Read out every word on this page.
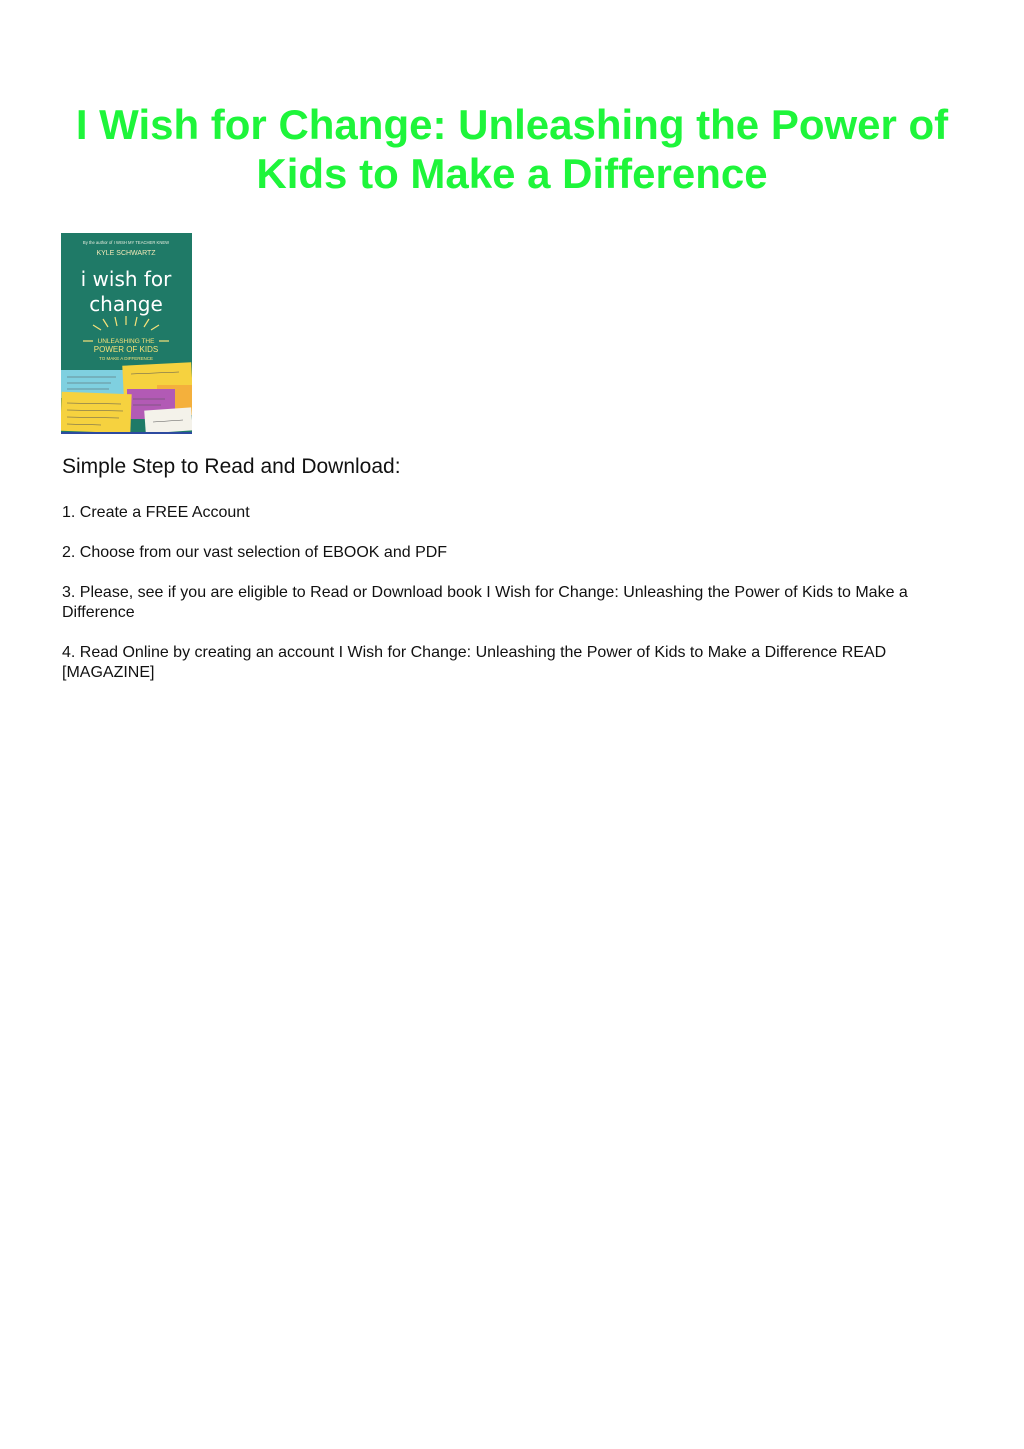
I Wish for Change: Unleashing the Power of Kids to Make a Difference
By the author of I WISH MY TEACHER KNEW
KYLE SCHWARTZ
i wish for
change
UNLEASHING THE
POWER OF KIDS
TO MAKE A DIFFERENCE
Simple Step to Read and Download:
1. Create a FREE Account
2. Choose from our vast selection of EBOOK and PDF
3. Please, see if you are eligible to Read or Download book I Wish for Change: Unleashing the Power of Kids to Make a Difference
4. Read Online by creating an account I Wish for Change: Unleashing the Power of Kids to Make a Difference READ [MAGAZINE]
